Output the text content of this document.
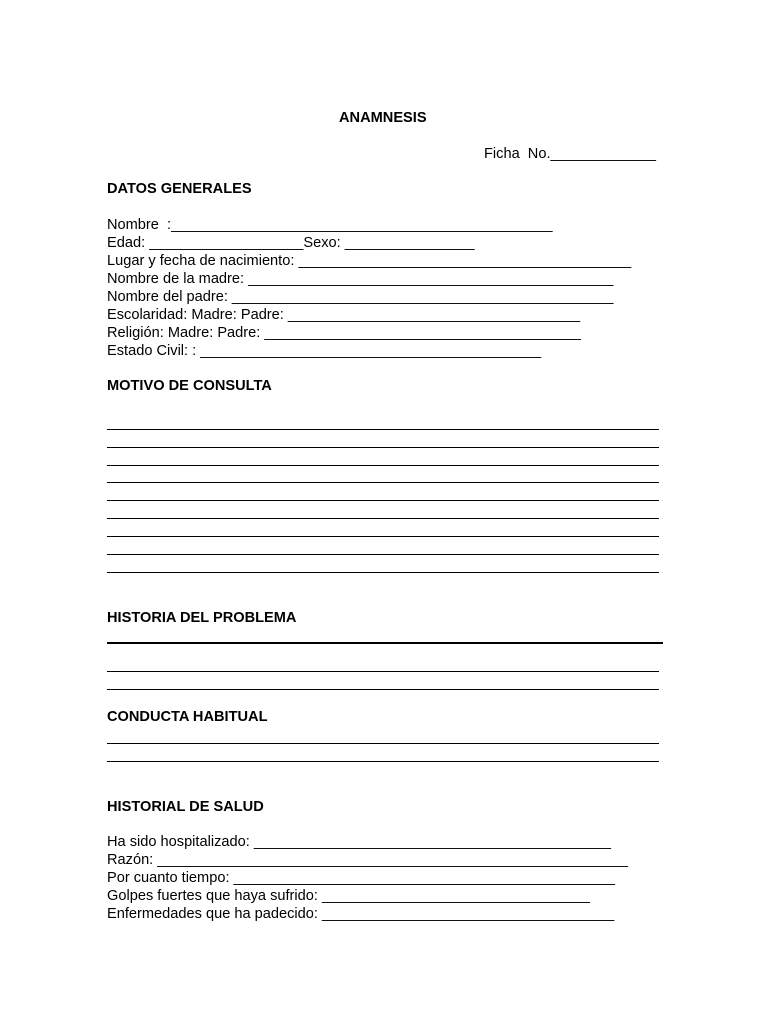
ANAMNESIS
Ficha  No._____________
DATOS GENERALES
Nombre  :_______________________________________________
Edad: ___________________Sexo: ________________
Lugar y fecha de nacimiento: _________________________________________
Nombre de la madre: _____________________________________________
Nombre del padre: _______________________________________________
Escolaridad: Madre: Padre: ____________________________________
Religión: Madre: Padre: _______________________________________
Estado Civil: : __________________________________________
MOTIVO DE CONSULTA
HISTORIA DEL PROBLEMA
CONDUCTA HABITUAL
HISTORIAL DE SALUD
Ha sido hospitalizado: ____________________________________________
Razón: __________________________________________________________
Por cuanto tiempo: _______________________________________________
Golpes fuertes que haya sufrido: _________________________________
Enfermedades que ha padecido: ____________________________________
